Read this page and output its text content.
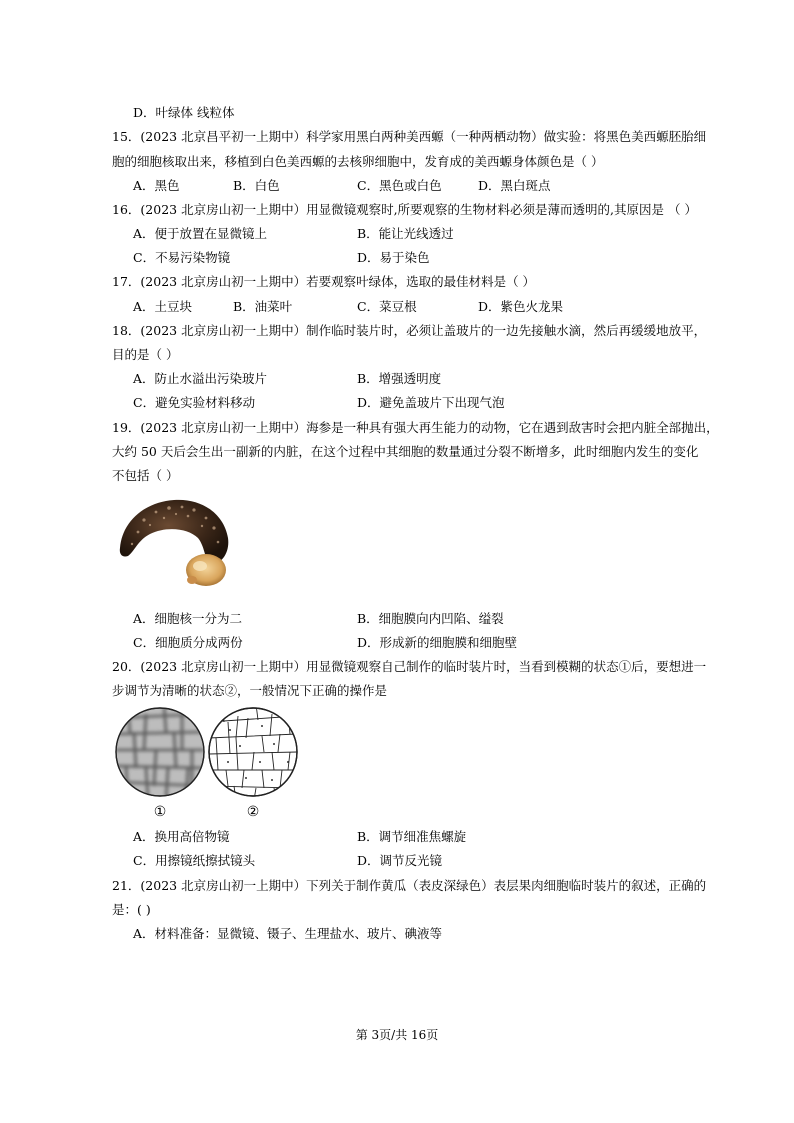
D．叶绿体 线粒体
15．(2023 北京昌平初一上期中）科学家用黑白两种美西螈（一种两栖动物）做实验：将黑色美西螈胚胎细
胞的细胞核取出来，移植到白色美西螈的去核卵细胞中，发育成的美西螈身体颜色是（ ）
A．黑色	B．白色	C．黑色或白色	D．黑白斑点
16．(2023 北京房山初一上期中）用显微镜观察时,所要观察的生物材料必须是薄而透明的,其原因是 （ ）
A．便于放置在显微镜上	B．能让光线透过
C．不易污染物镜	D．易于染色
17．(2023 北京房山初一上期中）若要观察叶绿体，选取的最佳材料是（ ）
A．土豆块	B．油菜叶	C．菜豆根	D．紫色火龙果
18．(2023 北京房山初一上期中）制作临时装片时，必须让盖玻片的一边先接触水滴，然后再缓缓地放平，
目的是（ ）
A．防止水溢出污染玻片	B．增强透明度
C．避免实验材料移动	D．避免盖玻片下出现气泡
19．(2023 北京房山初一上期中）海参是一种具有强大再生能力的动物，它在遇到敌害时会把内脏全部抛出，
大约 50 天后会生出一副新的内脏，在这个过程中其细胞的数量通过分裂不断增多，此时细胞内发生的变化
不包括（ ）
A．细胞核一分为二	B．细胞膜向内凹陷、缢裂
C．细胞质分成两份	D．形成新的细胞膜和细胞壁
20．(2023 北京房山初一上期中）用显微镜观察自己制作的临时装片时，当看到模糊的状态①后，要想进一
步调节为清晰的状态②，一般情况下正确的操作是
①	②
A．换用高倍物镜	B．调节细准焦螺旋
C．用擦镜纸擦拭镜头	D．调节反光镜
21．(2023 北京房山初一上期中）下列关于制作黄瓜（表皮深绿色）表层果肉细胞临时装片的叙述，正确的
是：( )
A．材料准备：显微镜、镊子、生理盐水、玻片、碘液等
第 3页/共 16页
